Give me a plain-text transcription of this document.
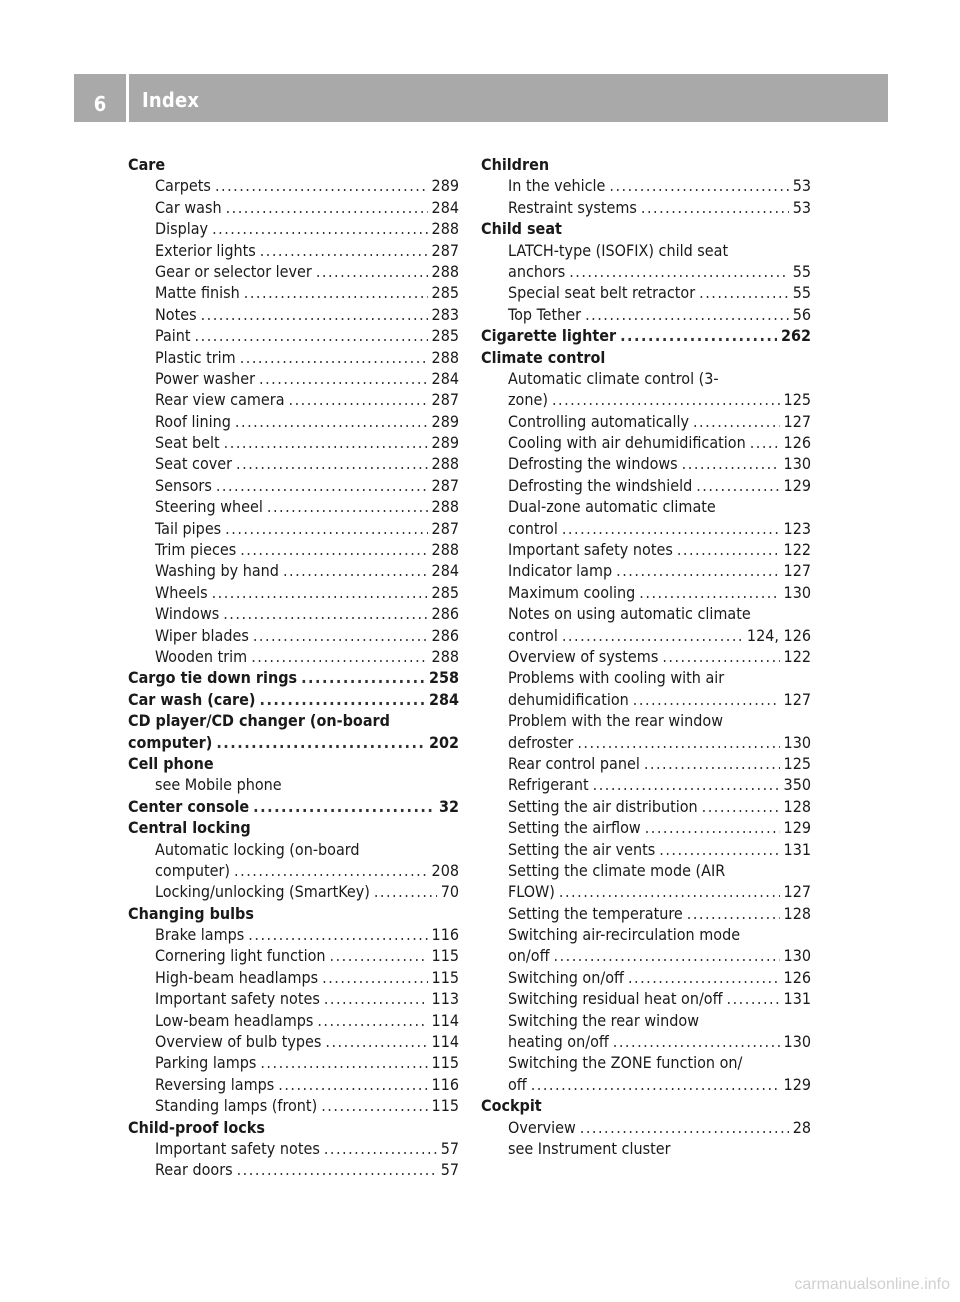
6	Index
Care
Carpets .....	289
Car wash .....	284
Display .....	288
Exterior lights .....	287
Gear or selector lever .....	288
Matte finish .....	285
Notes .....	283
Paint .....	285
Plastic trim .....	288
Power washer .....	284
Rear view camera .....	287
Roof lining .....	289
Seat belt .....	289
Seat cover .....	288
Sensors .....	287
Steering wheel .....	288
Tail pipes .....	287
Trim pieces .....	288
Washing by hand .....	284
Wheels .....	285
Windows .....	286
Wiper blades .....	286
Wooden trim .....	288
Cargo tie down rings .....	258
Car wash (care) .....	284
CD player/CD changer (on-board
computer) .....	202
Cell phone
see Mobile phone
Center console .....	32
Central locking
Automatic locking (on-board
computer) .....	208
Locking/unlocking (SmartKey) .....	70
Changing bulbs
Brake lamps .....	116
Cornering light function .....	115
High-beam headlamps .....	115
Important safety notes .....	113
Low-beam headlamps .....	114
Overview of bulb types .....	114
Parking lamps .....	115
Reversing lamps .....	116
Standing lamps (front) .....	115
Child-proof locks
Important safety notes .....	57
Rear doors .....	57
Children
In the vehicle .....	53
Restraint systems .....	53
Child seat
LATCH-type (ISOFIX) child seat
anchors .....	55
Special seat belt retractor .....	55
Top Tether .....	56
Cigarette lighter .....	262
Climate control
Automatic climate control (3-
zone) .....	125
Controlling automatically .....	127
Cooling with air dehumidification ..... 126
Defrosting the windows .....	130
Defrosting the windshield .....	129
Dual-zone automatic climate
control .....	123
Important safety notes .....	122
Indicator lamp .....	127
Maximum cooling .....	130
Notes on using automatic climate
control .....	124, 126
Overview of systems .....	122
Problems with cooling with air
dehumidification .....	127
Problem with the rear window
defroster .....	130
Rear control panel .....	125
Refrigerant .....	350
Setting the air distribution .....	128
Setting the airflow .....	129
Setting the air vents .....	131
Setting the climate mode (AIR
FLOW) .....	127
Setting the temperature .....	128
Switching air-recirculation mode
on/off .....	130
Switching on/off .....	126
Switching residual heat on/off .....	131
Switching the rear window
heating on/off .....	130
Switching the ZONE function on/
off .....	129
Cockpit
Overview .....	28
see Instrument cluster
carmanualsonline.info
